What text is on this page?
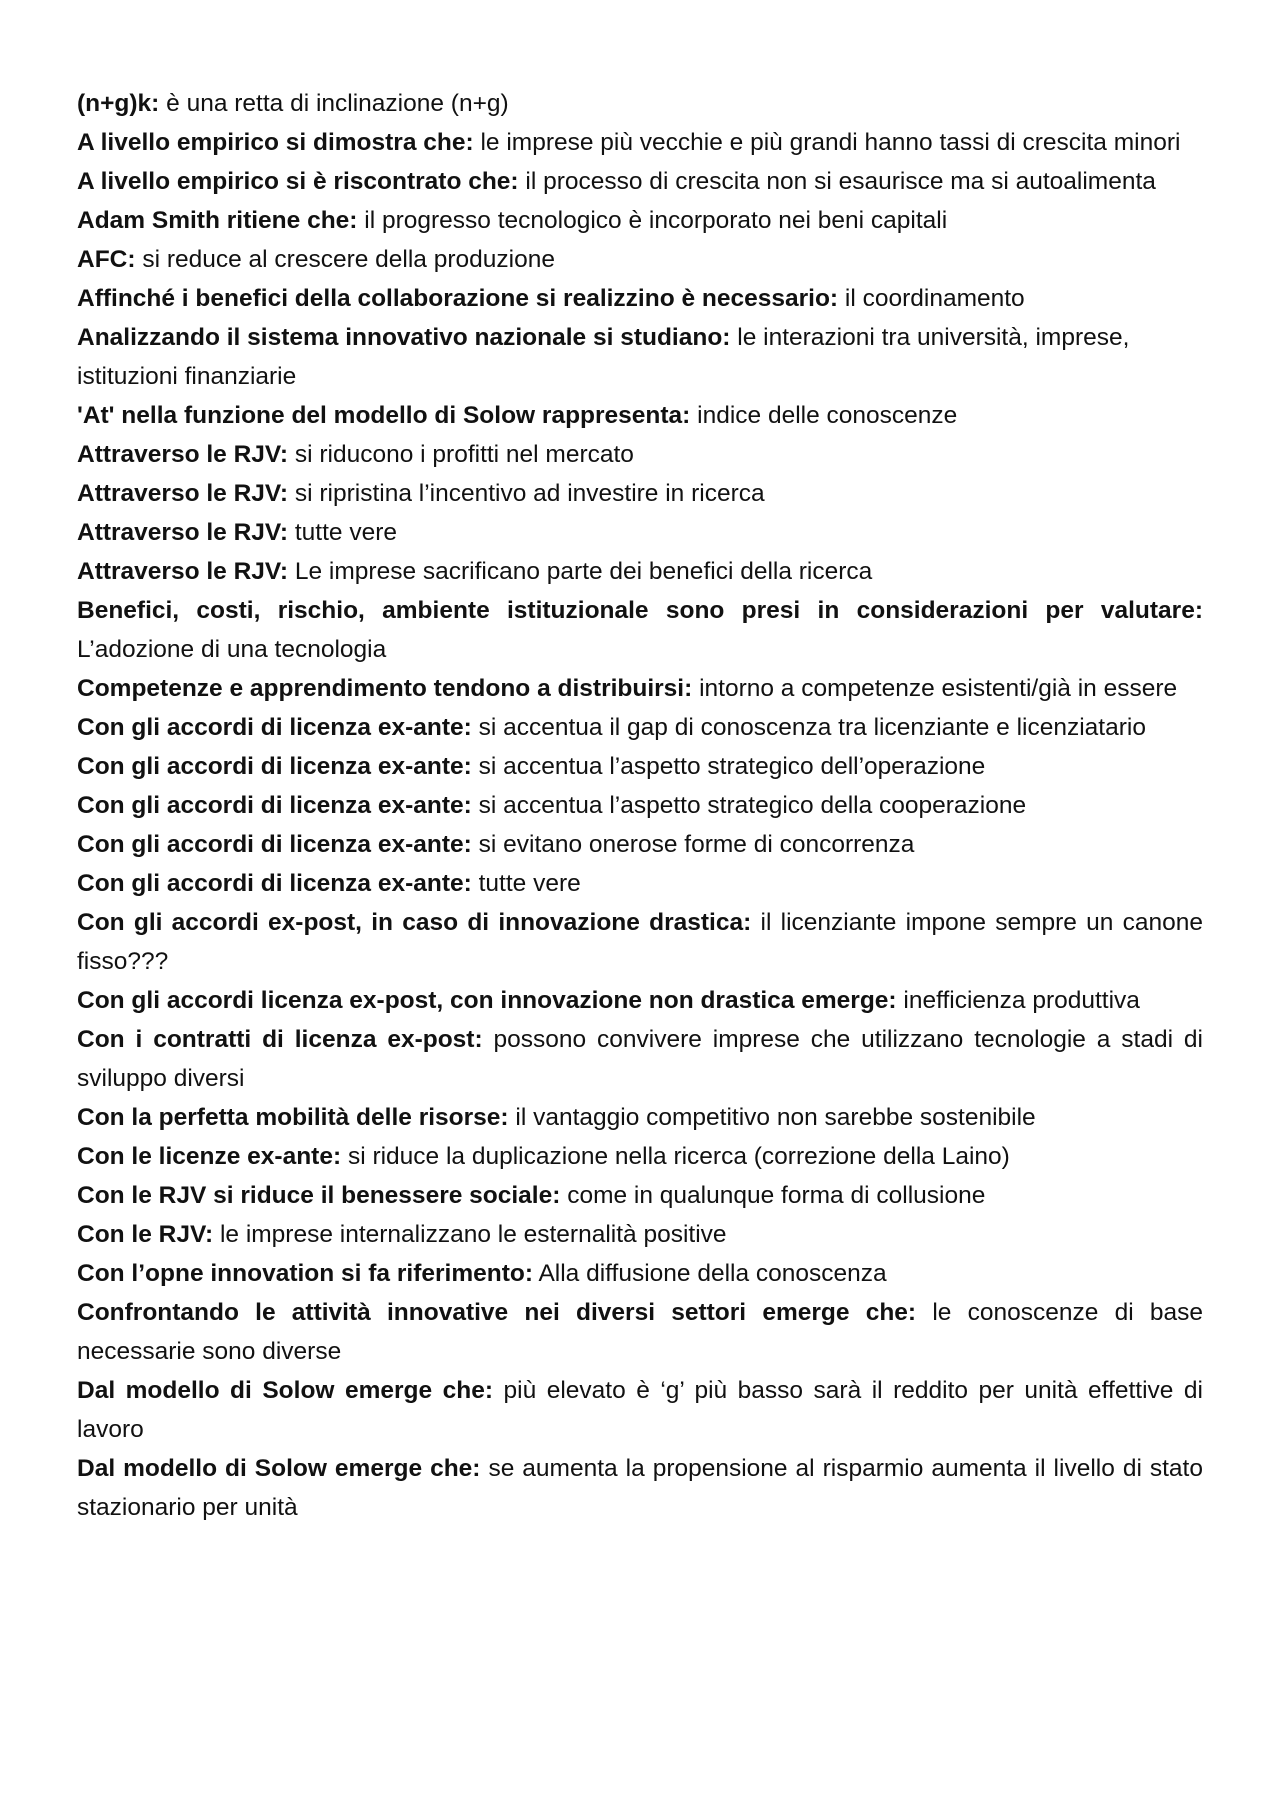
(n+g)k: è una retta di inclinazione (n+g)

A livello empirico si dimostra che: le imprese più vecchie e più grandi hanno tassi di crescita minori

A livello empirico si è riscontrato che: il processo di crescita non si esaurisce ma si autoalimenta

Adam Smith ritiene che: il progresso tecnologico è incorporato nei beni capitali

AFC: si reduce al crescere della produzione

Affinché i benefici della collaborazione si realizzino è necessario: il coordinamento

Analizzando il sistema innovativo nazionale si studiano: le interazioni tra università, imprese, istituzioni finanziarie

'At' nella funzione del modello di Solow rappresenta: indice delle conoscenze

Attraverso le RJV: si riducono i profitti nel mercato

Attraverso le RJV: si ripristina l’incentivo ad investire in ricerca

Attraverso le RJV: tutte vere

Attraverso le RJV: Le imprese sacrificano parte dei benefici della ricerca

Benefici, costi, rischio, ambiente istituzionale sono presi in considerazioni per valutare: L’adozione di una tecnologia

Competenze e apprendimento tendono a distribuirsi: intorno a competenze esistenti/già in essere

Con gli accordi di licenza ex-ante: si accentua il gap di conoscenza tra licenziante e licenziatario

Con gli accordi di licenza ex-ante: si accentua l’aspetto strategico dell’operazione

Con gli accordi di licenza ex-ante: si accentua l’aspetto strategico della cooperazione

Con gli accordi di licenza ex-ante: si evitano onerose forme di concorrenza

Con gli accordi di licenza ex-ante: tutte vere

Con gli accordi ex-post, in caso di innovazione drastica: il licenziante impone sempre un canone fisso???

Con gli accordi licenza ex-post, con innovazione non drastica emerge: inefficienza produttiva

Con i contratti di licenza ex-post: possono convivere imprese che utilizzano tecnologie a stadi di sviluppo diversi

Con la perfetta mobilità delle risorse: il vantaggio competitivo non sarebbe sostenibile

Con le licenze ex-ante: si riduce la duplicazione nella ricerca (correzione della Laino)

Con le RJV si riduce il benessere sociale: come in qualunque forma di collusione

Con le RJV: le imprese internalizzano le esternalità positive

Con l’opne innovation si fa riferimento: Alla diffusione della conoscenza

Confrontando le attività innovative nei diversi settori emerge che: le conoscenze di base necessarie sono diverse

Dal modello di Solow emerge che: più elevato è ‘g’ più basso sarà il reddito per unità effettive di lavoro

Dal modello di Solow emerge che: se aumenta la propensione al risparmio aumenta il livello di stato stazionario per unità
